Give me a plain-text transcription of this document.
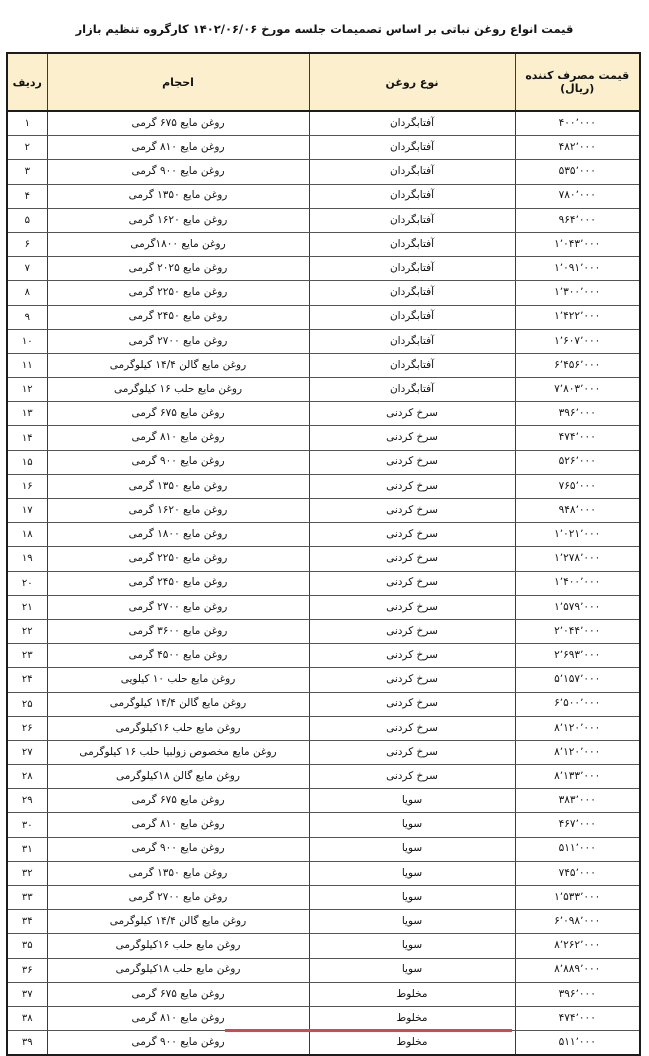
قیمت انواع روغن نباتی بر اساس تصمیمات جلسه مورخ ۱۴۰۲/۰۶/۰۶ کارگروه تنظیم بازار
قیمت مصرف کننده (ریال)	نوع روغن	احجام	ردیف
۴۰۰٬۰۰۰	آفتابگردان	روغن مایع ۶۷۵ گرمی	۱
۴۸۲٬۰۰۰	آفتابگردان	روغن مایع ۸۱۰ گرمی	۲
۵۳۵٬۰۰۰	آفتابگردان	روغن مایع ۹۰۰ گرمی	۳
۷۸۰٬۰۰۰	آفتابگردان	روغن مایع ۱۳۵۰ گرمی	۴
۹۶۴٬۰۰۰	آفتابگردان	روغن مایع ۱۶۲۰ گرمی	۵
۱٬۰۴۳٬۰۰۰	آفتابگردان	روغن مایع ۱۸۰۰گرمی	۶
۱٬۰۹۱٬۰۰۰	آفتابگردان	روغن مایع ۲۰۲۵ گرمی	۷
۱٬۳۰۰٬۰۰۰	آفتابگردان	روغن مایع ۲۲۵۰ گرمی	۸
۱٬۴۲۲٬۰۰۰	آفتابگردان	روغن مایع ۲۴۵۰ گرمی	۹
۱٬۶۰۷٬۰۰۰	آفتابگردان	روغن مایع ۲۷۰۰ گرمی	۱۰
۶٬۴۵۶٬۰۰۰	آفتابگردان	روغن مایع گالن ۱۴/۴ کیلوگرمی	۱۱
۷٬۸۰۳٬۰۰۰	آفتابگردان	روغن مایع حلب ۱۶ کیلوگرمی	۱۲
۳۹۶٬۰۰۰	سرخ کردنی	روغن مایع ۶۷۵ گرمی	۱۳
۴۷۴٬۰۰۰	سرخ کردنی	روغن مایع ۸۱۰ گرمی	۱۴
۵۲۶٬۰۰۰	سرخ کردنی	روغن مایع ۹۰۰ گرمی	۱۵
۷۶۵٬۰۰۰	سرخ کردنی	روغن مایع ۱۳۵۰ گرمی	۱۶
۹۴۸٬۰۰۰	سرخ کردنی	روغن مایع ۱۶۲۰ گرمی	۱۷
۱٬۰۲۱٬۰۰۰	سرخ کردنی	روغن مایع ۱۸۰۰ گرمی	۱۸
۱٬۲۷۸٬۰۰۰	سرخ کردنی	روغن مایع ۲۲۵۰ گرمی	۱۹
۱٬۴۰۰٬۰۰۰	سرخ کردنی	روغن مایع ۲۴۵۰ گرمی	۲۰
۱٬۵۷۹٬۰۰۰	سرخ کردنی	روغن مایع ۲۷۰۰ گرمی	۲۱
۲٬۰۴۴٬۰۰۰	سرخ کردنی	روغن مایع ۳۶۰۰ گرمی	۲۲
۲٬۶۹۳٬۰۰۰	سرخ کردنی	روغن مایع ۴۵۰۰ گرمی	۲۳
۵٬۱۵۷٬۰۰۰	سرخ کردنی	روغن مایع حلب ۱۰ کیلویی	۲۴
۶٬۵۰۰٬۰۰۰	سرخ کردنی	روغن مایع گالن ۱۴/۴ کیلوگرمی	۲۵
۸٬۱۲۰٬۰۰۰	سرخ کردنی	روغن مایع حلب ۱۶کیلوگرمی	۲۶
۸٬۱۲۰٬۰۰۰	سرخ کردنی	روغن مایع مخصوص زولبیا حلب ۱۶ کیلوگرمی	۲۷
۸٬۱۳۳٬۰۰۰	سرخ کردنی	روغن مایع گالن ۱۸کیلوگرمی	۲۸
۳۸۳٬۰۰۰	سویا	روغن مایع ۶۷۵ گرمی	۲۹
۴۶۷٬۰۰۰	سویا	روغن مایع ۸۱۰ گرمی	۳۰
۵۱۱٬۰۰۰	سویا	روغن مایع ۹۰۰ گرمی	۳۱
۷۴۵٬۰۰۰	سویا	روغن مایع ۱۳۵۰ گرمی	۳۲
۱٬۵۳۳٬۰۰۰	سویا	روغن مایع ۲۷۰۰ گرمی	۳۳
۶٬۰۹۸٬۰۰۰	سویا	روغن مایع گالن ۱۴/۴ کیلوگرمی	۳۴
۸٬۲۶۲٬۰۰۰	سویا	روغن مایع حلب ۱۶کیلوگرمی	۳۵
۸٬۸۸۹٬۰۰۰	سویا	روغن مایع حلب ۱۸کیلوگرمی	۳۶
۳۹۶٬۰۰۰	مخلوط	روغن مایع ۶۷۵ گرمی	۳۷
۴۷۴٬۰۰۰	مخلوط	روغن مایع ۸۱۰ گرمی	۳۸
۵۱۱٬۰۰۰	مخلوط	روغن مایع ۹۰۰ گرمی	۳۹
